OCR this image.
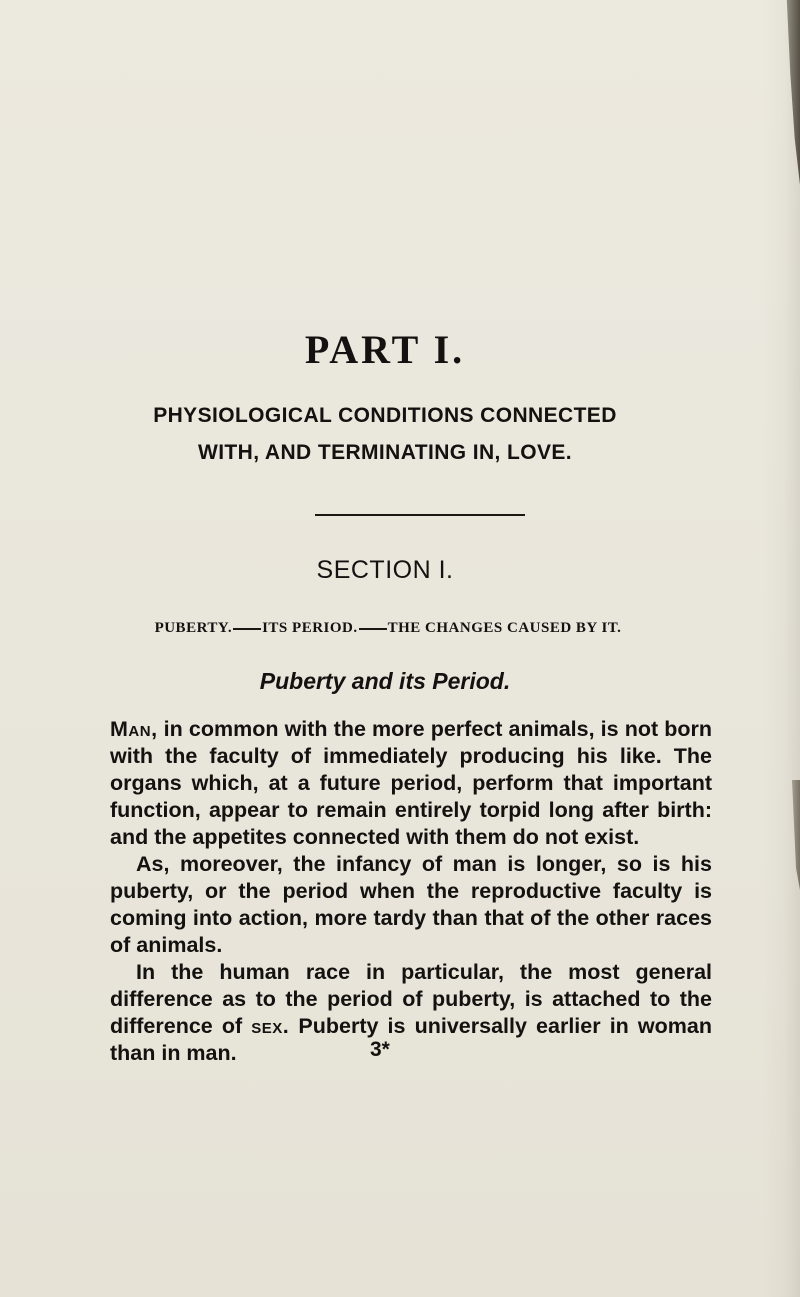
PART I.
PHYSIOLOGICAL CONDITIONS CONNECTED
WITH, AND TERMINATING IN, LOVE.
SECTION I.
PUBERTY. ITS PERIOD. THE CHANGES CAUSED BY IT.
Puberty and its Period.

Man, in common with the more perfect animals, is not born with the faculty of immediately producing his like. The organs which, at a future period, perform that important function, appear to remain entirely torpid long after birth: and the appetites connected with them do not exist.

As, moreover, the infancy of man is longer, so is his puberty, or the period when the reproductive faculty is coming into action, more tardy than that of the other races of animals.

In the human race in particular, the most general difference as to the period of puberty, is attached to the difference of sex. Puberty is universally earlier in woman than in man.	3*
